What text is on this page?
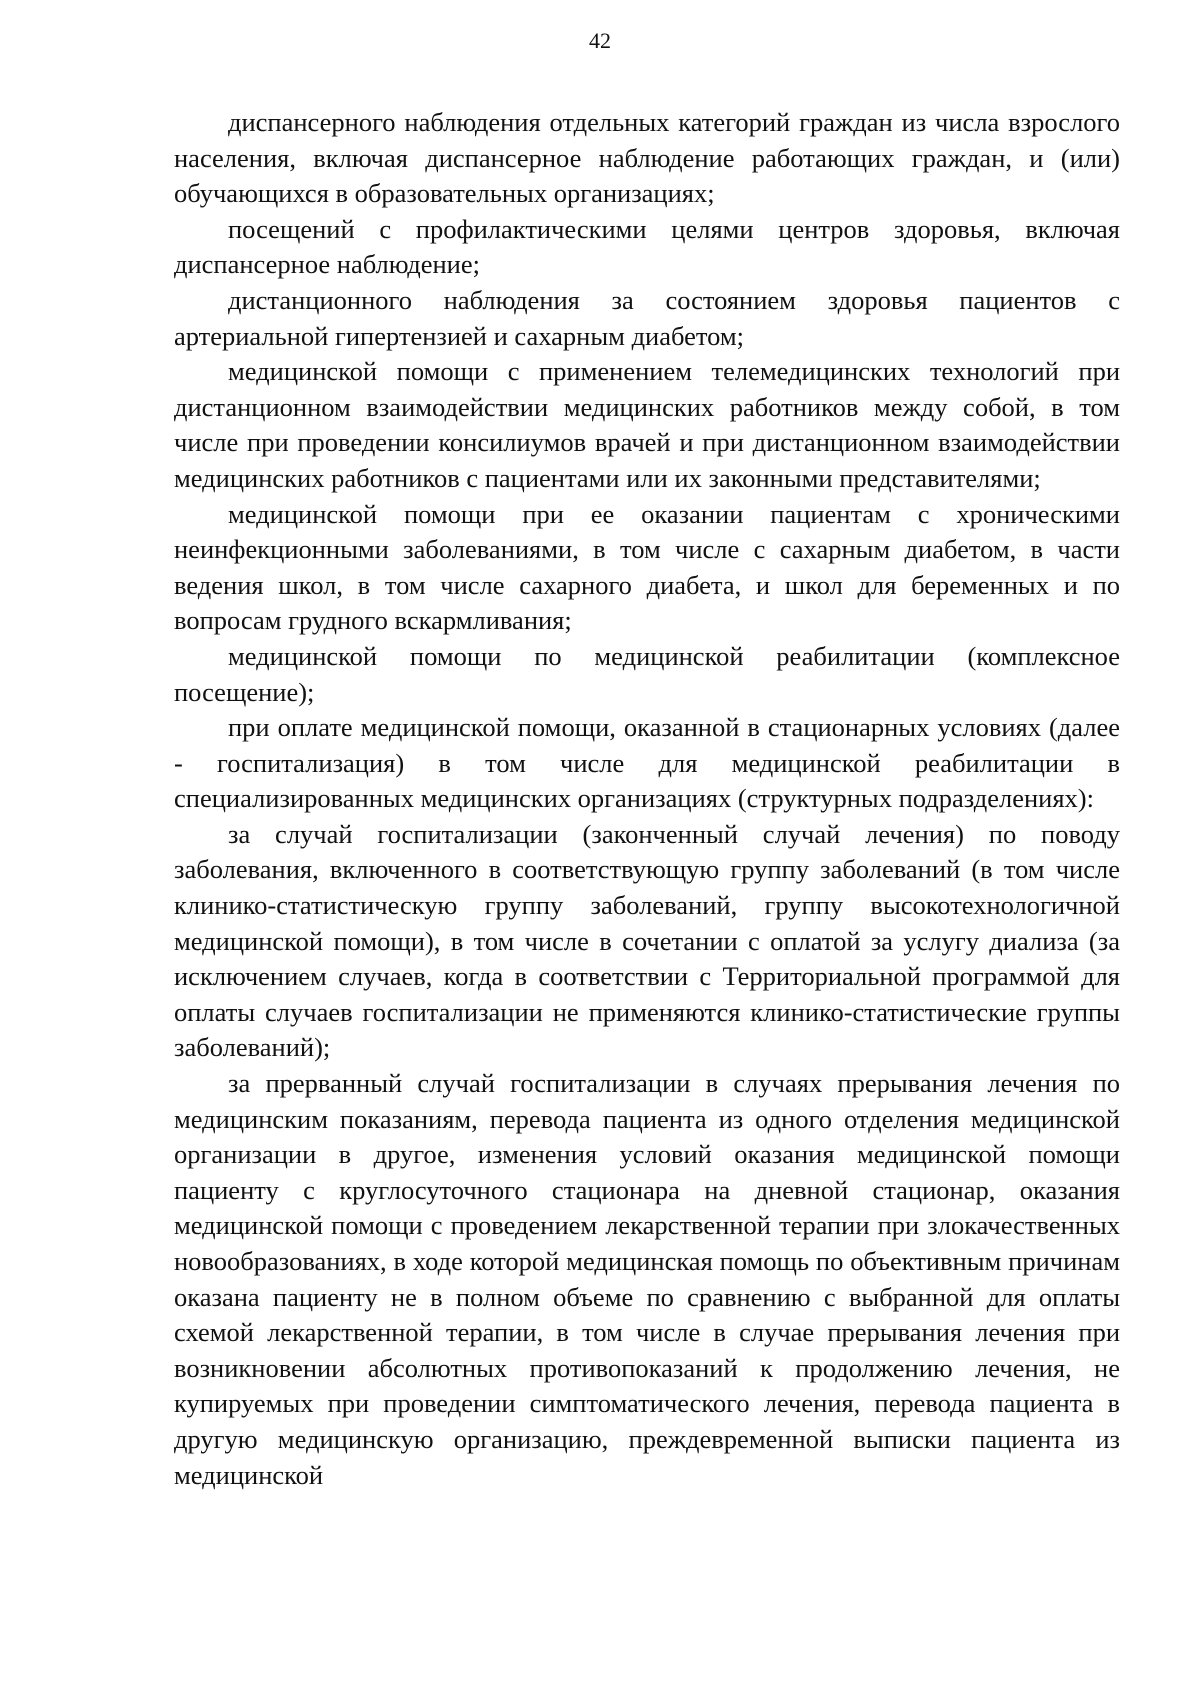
42

диспансерного наблюдения отдельных категорий граждан из числа взрослого населения, включая диспансерное наблюдение работающих граждан, и (или) обучающихся в образовательных организациях;

посещений с профилактическими целями центров здоровья, включая диспансерное наблюдение;

дистанционного наблюдения за состоянием здоровья пациентов с артериальной гипертензией и сахарным диабетом;

медицинской помощи с применением телемедицинских технологий при дистанционном взаимодействии медицинских работников между собой, в том числе при проведении консилиумов врачей и при дистанционном взаимодействии медицинских работников с пациентами или их законными представителями;

медицинской помощи при ее оказании пациентам с хроническими неинфекционными заболеваниями, в том числе с сахарным диабетом, в части ведения школ, в том числе сахарного диабета, и школ для беременных и по вопросам грудного вскармливания;

медицинской помощи по медицинской реабилитации (комплексное посещение);

при оплате медицинской помощи, оказанной в стационарных условиях (далее - госпитализация) в том числе для медицинской реабилитации в специализированных медицинских организациях (структурных подразделениях):

за случай госпитализации (законченный случай лечения) по поводу заболевания, включенного в соответствующую группу заболеваний (в том числе клинико-статистическую группу заболеваний, группу высокотехнологичной медицинской помощи), в том числе в сочетании с оплатой за услугу диализа (за исключением случаев, когда в соответствии с Территориальной программой для оплаты случаев госпитализации не применяются клинико-статистические группы заболеваний);

за прерванный случай госпитализации в случаях прерывания лечения по медицинским показаниям, перевода пациента из одного отделения медицинской организации в другое, изменения условий оказания медицинской помощи пациенту с круглосуточного стационара на дневной стационар, оказания медицинской помощи с проведением лекарственной терапии при злокачественных новообразованиях, в ходе которой медицинская помощь по объективным причинам оказана пациенту не в полном объеме по сравнению с выбранной для оплаты схемой лекарственной терапии, в том числе в случае прерывания лечения при возникновении абсолютных противопоказаний к продолжению лечения, не купируемых при проведении симптоматического лечения, перевода пациента в другую медицинскую организацию, преждевременной выписки пациента из медицинской
